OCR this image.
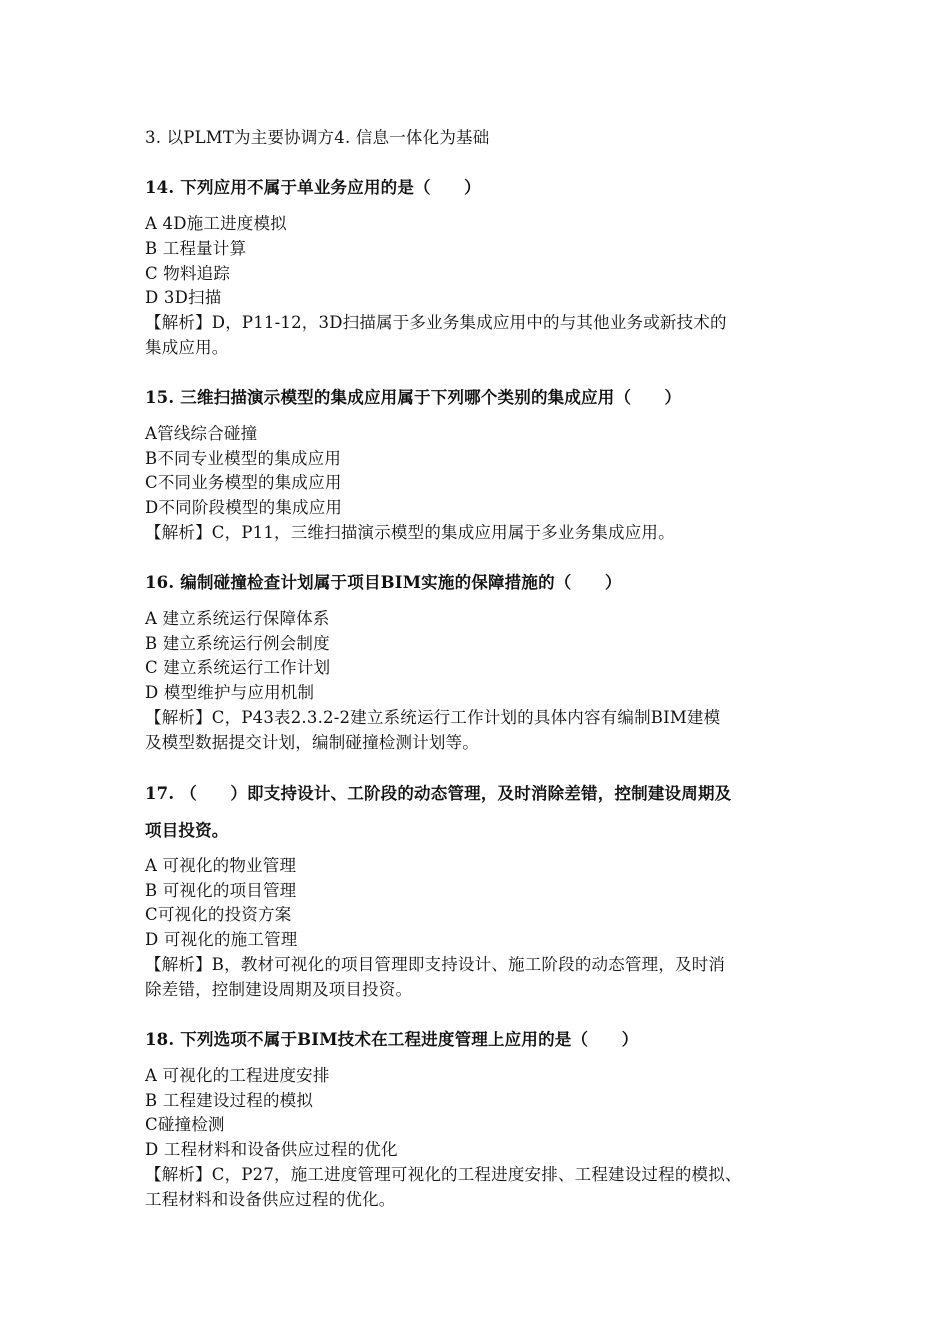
3. 以PLMT为主要协调方4. 信息一体化为基础
14. 下列应用不属于单业务应用的是（　　）
A 4D施工进度模拟
B 工程量计算
C 物料追踪
D 3D扫描
【解析】D，P11-12，3D扫描属于多业务集成应用中的与其他业务或新技术的
集成应用。
15. 三维扫描演示模型的集成应用属于下列哪个类别的集成应用（　　）
A管线综合碰撞
B不同专业模型的集成应用
C不同业务模型的集成应用
D不同阶段模型的集成应用
【解析】C，P11，三维扫描演示模型的集成应用属于多业务集成应用。
16. 编制碰撞检查计划属于项目BIM实施的保障措施的（　　）
A 建立系统运行保障体系
B 建立系统运行例会制度
C 建立系统运行工作计划
D 模型维护与应用机制
【解析】C，P43表2.3.2-2建立系统运行工作计划的具体内容有编制BIM建模
及模型数据提交计划，编制碰撞检测计划等。
17. （　　）即支持设计、工阶段的动态管理，及时消除差错，控制建设周期及
项目投资。
A 可视化的物业管理
B 可视化的项目管理
C可视化的投资方案
D 可视化的施工管理
【解析】B，教材可视化的项目管理即支持设计、施工阶段的动态管理，及时消
除差错，控制建设周期及项目投资。
18. 下列选项不属于BIM技术在工程进度管理上应用的是（　　）
A 可视化的工程进度安排
B 工程建设过程的模拟
C碰撞检测
D 工程材料和设备供应过程的优化
【解析】C，P27，施工进度管理可视化的工程进度安排、工程建设过程的模拟、
工程材料和设备供应过程的优化。
